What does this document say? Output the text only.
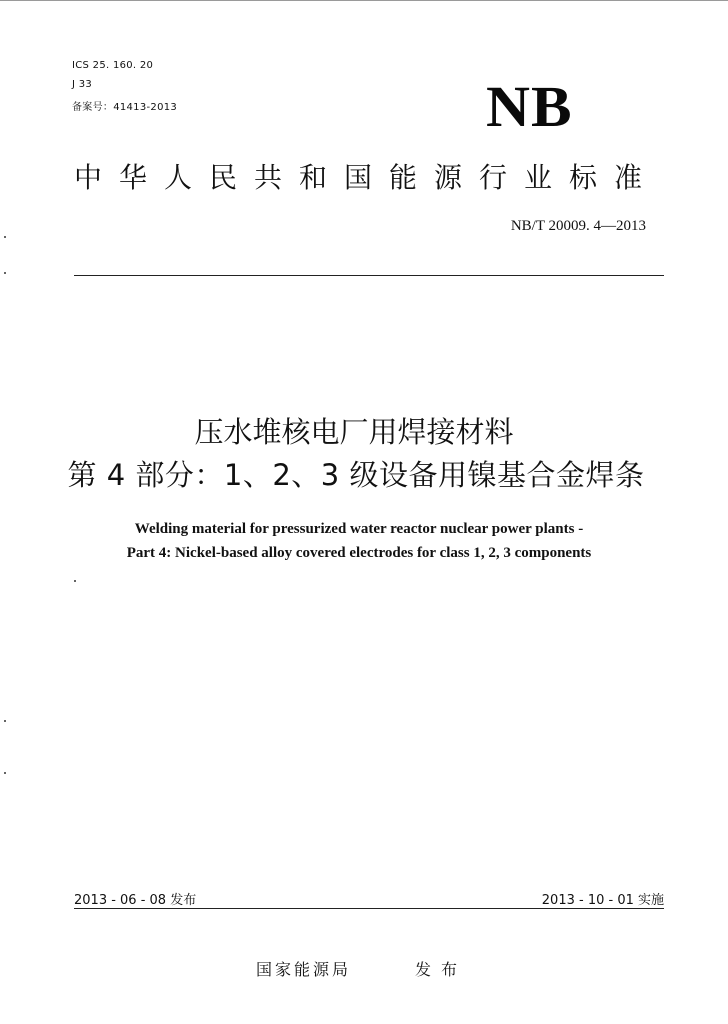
ICS 25. 160. 20
J 33
备案号：41413-2013	NB
中华人民共和国能源行业标准
NB/T 20009. 4—2013
压水堆核电厂用焊接材料
第 4 部分：1、2、3 级设备用镍基合金焊条
Welding material for pressurized water reactor nuclear power plants -
Part 4: Nickel-based alloy covered electrodes for class 1, 2, 3 components
2013 - 06 - 08 发布	2013 - 10 - 01 实施
国家能源局	发布
